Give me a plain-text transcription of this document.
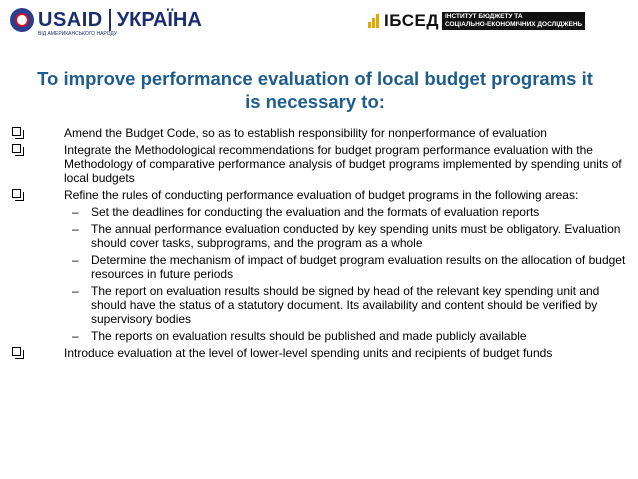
USAID УКРАЇНА
ВІД АМЕРИКАНСЬКОГО НАРОДУ
ІБСЕД ІНСТИТУТ БЮДЖЕТУ ТА
СОЦІАЛЬНО-ЕКОНОМІЧНИХ ДОСЛІДЖЕНЬ
To improve performance evaluation of local budget programs it is necessary to:
Amend the Budget Code, so as to establish responsibility for nonperformance of evaluation
Integrate the Methodological recommendations for budget program performance evaluation with the Methodology of comparative performance analysis of budget programs implemented by spending units of local budgets
Refine the rules of conducting performance evaluation of budget programs in the following areas:
– Set the deadlines for conducting the evaluation and the formats of evaluation reports
– The annual performance evaluation conducted by key spending units must be obligatory. Evaluation should cover tasks, subprograms, and the program as a whole
– Determine the mechanism of impact of budget program evaluation results on the allocation of budget resources in future periods
– The report on evaluation results should be signed by head of the relevant key spending unit and should have the status of a statutory document. Its availability and content should be verified by supervisory bodies
– The reports on evaluation results should be published and made publicly available
Introduce evaluation at the level of lower-level spending units and recipients of budget funds
